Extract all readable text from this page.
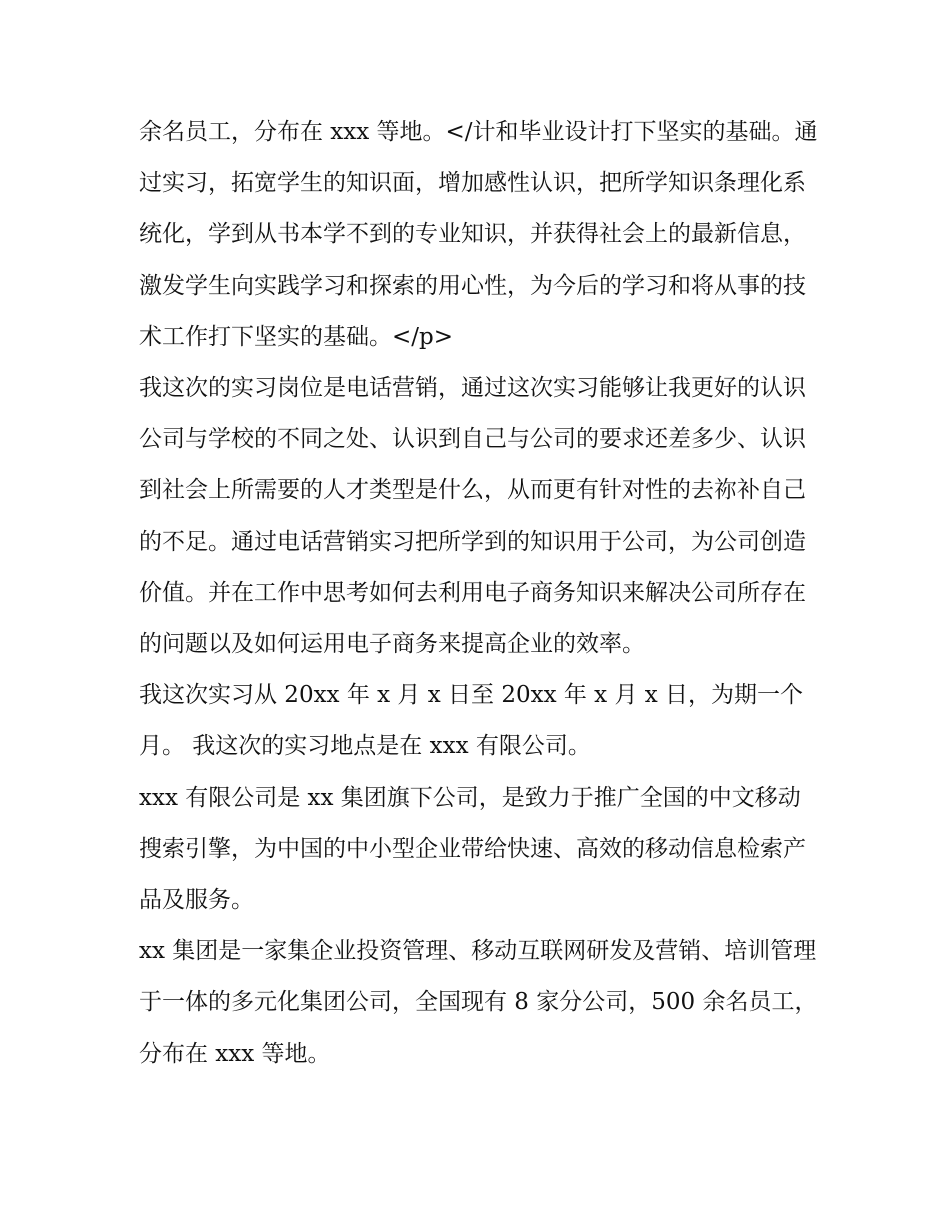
余名员工，分布在 xxx 等地。</计和毕业设计打下坚实的基础。通过实习，拓宽学生的知识面，增加感性认识，把所学知识条理化系统化，学到从书本学不到的专业知识，并获得社会上的最新信息，激发学生向实践学习和探索的用心性，为今后的学习和将从事的技术工作打下坚实的基础。</p>

我这次的实习岗位是电话营销，通过这次实习能够让我更好的认识公司与学校的不同之处、认识到自己与公司的要求还差多少、认识到社会上所需要的人才类型是什么，从而更有针对性的去祢补自己的不足。通过电话营销实习把所学到的知识用于公司，为公司创造价值。并在工作中思考如何去利用电子商务知识来解决公司所存在的问题以及如何运用电子商务来提高企业的效率。

我这次实习从 20xx 年 x 月 x 日至 20xx 年 x 月 x 日，为期一个月。 我这次的实习地点是在 xxx 有限公司。

xxx 有限公司是 xx 集团旗下公司，是致力于推广全国的中文移动搜索引擎，为中国的中小型企业带给快速、高效的移动信息检索产品及服务。

xx 集团是一家集企业投资管理、移动互联网研发及营销、培训管理于一体的多元化集团公司，全国现有 8 家分公司，500 余名员工，分布在 xxx 等地。
